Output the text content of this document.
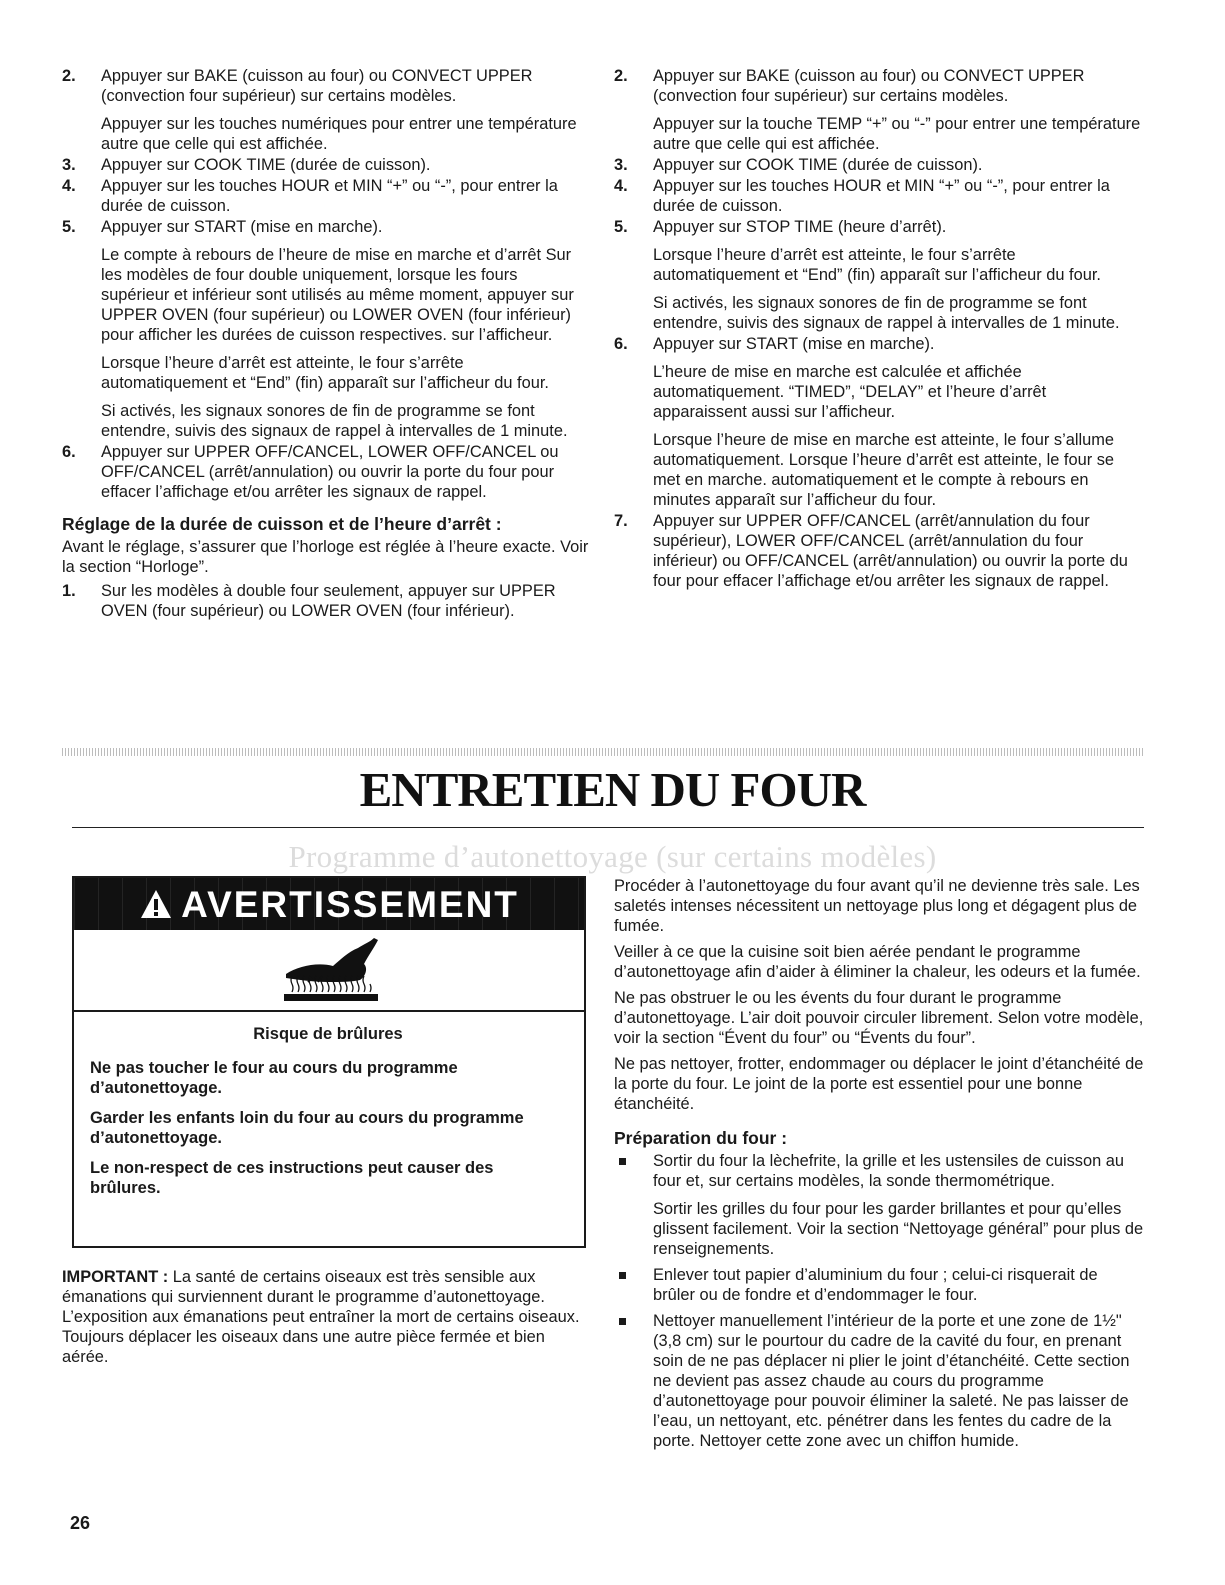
2. Appuyer sur BAKE (cuisson au four) ou CONVECT UPPER (convection four supérieur) sur certains modèles.

Appuyer sur les touches numériques pour entrer une température autre que celle qui est affichée.

3. Appuyer sur COOK TIME (durée de cuisson).

4. Appuyer sur les touches HOUR et MIN “+” ou “-”, pour entrer la durée de cuisson.

5. Appuyer sur START (mise en marche).

Le compte à rebours de l’heure de mise en marche et d’arrêt Sur les modèles de four double uniquement, lorsque les fours supérieur et inférieur sont utilisés au même moment, appuyer sur UPPER OVEN (four supérieur) ou LOWER OVEN (four inférieur) pour afficher les durées de cuisson respectives. sur l’afficheur.

Lorsque l’heure d’arrêt est atteinte, le four s’arrête automatiquement et “End” (fin) apparaît sur l’afficheur du four.

Si activés, les signaux sonores de fin de programme se font entendre, suivis des signaux de rappel à intervalles de 1 minute.

6. Appuyer sur UPPER OFF/CANCEL, LOWER OFF/CANCEL ou OFF/CANCEL (arrêt/annulation) ou ouvrir la porte du four pour effacer l’affichage et/ou arrêter les signaux de rappel.

Réglage de la durée de cuisson et de l’heure d’arrêt :

Avant le réglage, s’assurer que l’horloge est réglée à l’heure exacte. Voir la section “Horloge”.

1. Sur les modèles à double four seulement, appuyer sur UPPER OVEN (four supérieur) ou LOWER OVEN (four inférieur).

2. Appuyer sur BAKE (cuisson au four) ou CONVECT UPPER (convection four supérieur) sur certains modèles.

Appuyer sur la touche TEMP “+” ou “-” pour entrer une température autre que celle qui est affichée.

3. Appuyer sur COOK TIME (durée de cuisson).

4. Appuyer sur les touches HOUR et MIN “+” ou “-”, pour entrer la durée de cuisson.

5. Appuyer sur STOP TIME (heure d’arrêt).

Lorsque l’heure d’arrêt est atteinte, le four s’arrête automatiquement et “End” (fin) apparaît sur l’afficheur du four.

Si activés, les signaux sonores de fin de programme se font entendre, suivis des signaux de rappel à intervalles de 1 minute.

6. Appuyer sur START (mise en marche).

L’heure de mise en marche est calculée et affichée automatiquement. “TIMED”, “DELAY” et l’heure d’arrêt apparaissent aussi sur l’afficheur.

Lorsque l’heure de mise en marche est atteinte, le four s’allume automatiquement. Lorsque l’heure d’arrêt est atteinte, le four se met en marche. automatiquement et le compte à rebours en minutes apparaît sur l’afficheur du four.

7. Appuyer sur UPPER OFF/CANCEL (arrêt/annulation du four supérieur), LOWER OFF/CANCEL (arrêt/annulation du four inférieur) ou OFF/CANCEL (arrêt/annulation) ou ouvrir la porte du four pour effacer l’affichage et/ou arrêter les signaux de rappel.

ENTRETIEN DU FOUR
Programme d’autonettoyage (sur certains modèles)
AVERTISSEMENT
Risque de brûlures

Ne pas toucher le four au cours du programme d’autonettoyage.

Garder les enfants loin du four au cours du programme d’autonettoyage.

Le non-respect de ces instructions peut causer des brûlures.

IMPORTANT : La santé de certains oiseaux est très sensible aux émanations qui surviennent durant le programme d’autonettoyage. L’exposition aux émanations peut entraîner la mort de certains oiseaux. Toujours déplacer les oiseaux dans une autre pièce fermée et bien aérée.

Procéder à l’autonettoyage du four avant qu’il ne devienne très sale. Les saletés intenses nécessitent un nettoyage plus long et dégagent plus de fumée.

Veiller à ce que la cuisine soit bien aérée pendant le programme d’autonettoyage afin d’aider à éliminer la chaleur, les odeurs et la fumée.

Ne pas obstruer le ou les évents du four durant le programme d’autonettoyage. L’air doit pouvoir circuler librement. Selon votre modèle, voir la section “Évent du four” ou “Évents du four”.

Ne pas nettoyer, frotter, endommager ou déplacer le joint d’étanchéité de la porte du four. Le joint de la porte est essentiel pour une bonne étanchéité.

Préparation du four :

Sortir du four la lèchefrite, la grille et les ustensiles de cuisson au four et, sur certains modèles, la sonde thermométrique.

Sortir les grilles du four pour les garder brillantes et pour qu’elles glissent facilement. Voir la section “Nettoyage général” pour plus de renseignements.

Enlever tout papier d’aluminium du four ; celui-ci risquerait de brûler ou de fondre et d’endommager le four.

Nettoyer manuellement l’intérieur de la porte et une zone de 1½" (3,8 cm) sur le pourtour du cadre de la cavité du four, en prenant soin de ne pas déplacer ni plier le joint d’étanchéité. Cette section ne devient pas assez chaude au cours du programme d’autonettoyage pour pouvoir éliminer la saleté. Ne pas laisser de l’eau, un nettoyant, etc. pénétrer dans les fentes du cadre de la porte. Nettoyer cette zone avec un chiffon humide.

26
